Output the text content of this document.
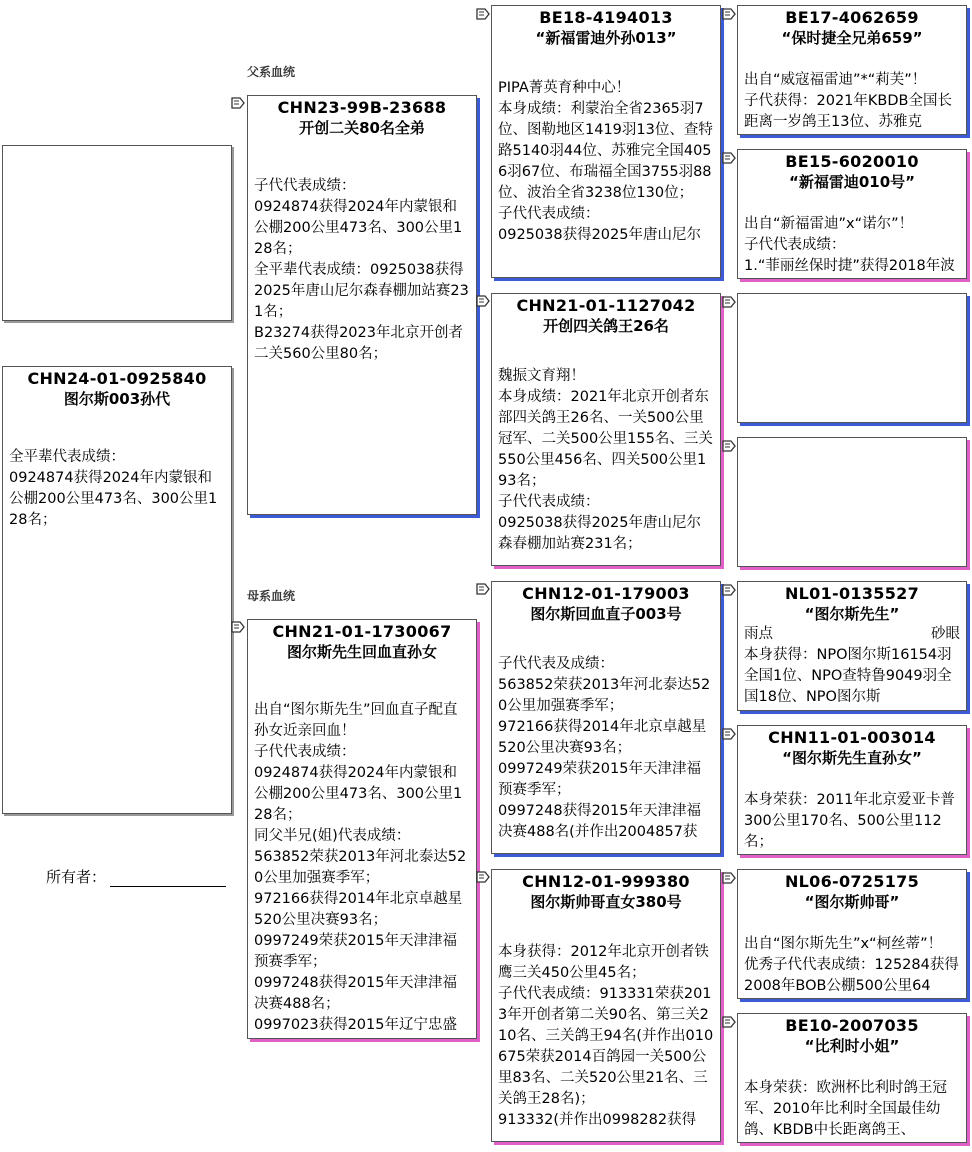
CHN24-01-0925840
图尔斯003孙代
全平辈代表成绩：
0924874获得2024年内蒙银和公棚200公里473名、300公里128名；
所有者：
父系血统
母系血统
CHN23-99B-23688
开创二关80名全弟
子代代表成绩：
0924874获得2024年内蒙银和公棚200公里473名、300公里128名；
全平辈代表成绩：0925038获得2025年唐山尼尔森春棚加站赛231名；
B23274获得2023年北京开创者二关560公里80名；
CHN21-01-1730067
图尔斯先生回血直孙女
出自“图尔斯先生”回血直子配直孙女近亲回血！
子代代表成绩：
0924874获得2024年内蒙银和公棚200公里473名、300公里128名；
同父半兄(姐)代表成绩：
563852荣获2013年河北泰达520公里加强赛季军；
972166获得2014年北京卓越星520公里决赛93名；
0997249荣获2015年天津津福预赛季军；
0997248获得2015年天津津福决赛488名；
0997023获得2015年辽宁忠盛
BE18-4194013
“新福雷迪外孙013”
PIPA菁英育种中心！
本身成绩：利蒙治全省2365羽7位、图勒地区1419羽13位、查特路5140羽44位、苏雅完全国4056羽67位、布瑞福全国3755羽88位、波治全省3238位130位；
子代代表成绩：
0925038获得2025年唐山尼尔
CHN21-01-1127042
开创四关鸽王26名
魏振文育翔！
本身成绩：2021年北京开创者东部四关鸽王26名、一关500公里冠军、二关500公里155名、三关550公里456名、四关500公里193名；
子代代表成绩：
0925038获得2025年唐山尼尔森春棚加站赛231名；
CHN12-01-179003
图尔斯回血直子003号
子代代表及成绩：
563852荣获2013年河北泰达520公里加强赛季军；
972166获得2014年北京卓越星520公里决赛93名；
0997249荣获2015年天津津福预赛季军；
0997248获得2015年天津津福决赛488名(并作出2004857获
CHN12-01-999380
图尔斯帅哥直女380号
本身获得：2012年北京开创者铁鹰三关450公里45名；
子代代表成绩：913331荣获2013年开创者第二关90名、第三关210名、三关鸽王94名(并作出010675荣获2014百鸽园一关500公里83名、二关520公里21名、三关鸽王28名)；
913332(并作出0998282获得
BE17-4062659
“保时捷全兄弟659”
出自“威寇福雷迪”*“莉芙”！
子代获得：2021年KBDB全国长距离一岁鸽王13位、苏雅克
BE15-6020010
“新福雷迪010号”
出自“新福雷迪”x“诺尔”！
子代代表成绩：
1.“菲丽丝保时捷”获得2018年波
NL01-0135527
“图尔斯先生”
雨点	砂眼
本身获得：NPO图尔斯16154羽全国1位、NPO查特鲁9049羽全国18位、NPO图尔斯
CHN11-01-003014
“图尔斯先生直孙女”
本身荣获：2011年北京爱亚卡普300公里170名、500公里112名；
NL06-0725175
“图尔斯帅哥”
出自“图尔斯先生”x“柯丝蒂”！
优秀子代代表成绩：125284获得2008年BOB公棚500公里64
BE10-2007035
“比利时小姐”
本身荣获：欧洲杯比利时鸽王冠军、2010年比利时全国最佳幼鸽、KBDB中长距离鸽王、
